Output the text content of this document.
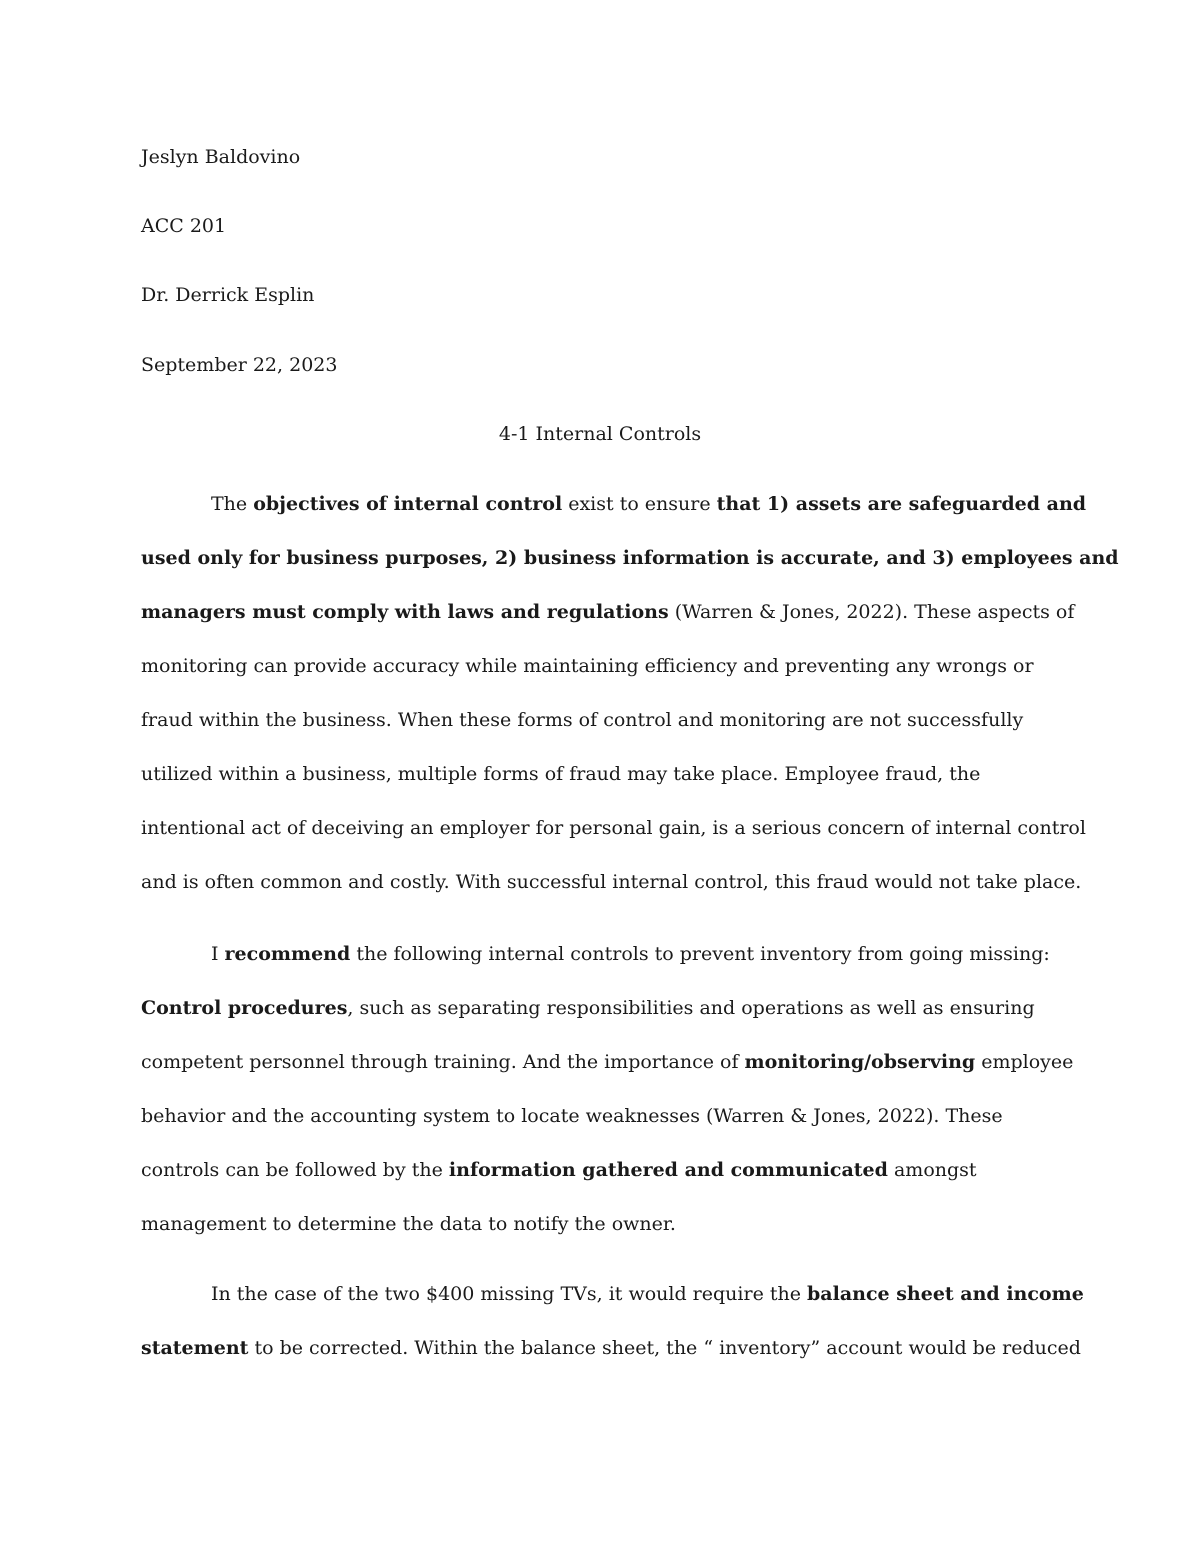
Jeslyn Baldovino
ACC 201
Dr. Derrick Esplin
September 22, 2023
4-1 Internal Controls
The objectives of internal control exist to ensure that 1) assets are safeguarded and
used only for business purposes, 2) business information is accurate, and 3) employees and
managers must comply with laws and regulations (Warren & Jones, 2022). These aspects of
monitoring can provide accuracy while maintaining efficiency and preventing any wrongs or
fraud within the business. When these forms of control and monitoring are not successfully
utilized within a business, multiple forms of fraud may take place. Employee fraud, the
intentional act of deceiving an employer for personal gain, is a serious concern of internal control
and is often common and costly. With successful internal control, this fraud would not take place.
I recommend the following internal controls to prevent inventory from going missing:
Control procedures, such as separating responsibilities and operations as well as ensuring
competent personnel through training. And the importance of monitoring/observing employee
behavior and the accounting system to locate weaknesses (Warren & Jones, 2022). These
controls can be followed by the information gathered and communicated amongst
management to determine the data to notify the owner.
In the case of the two $400 missing TVs, it would require the balance sheet and income
statement to be corrected. Within the balance sheet, the “ inventory” account would be reduced
